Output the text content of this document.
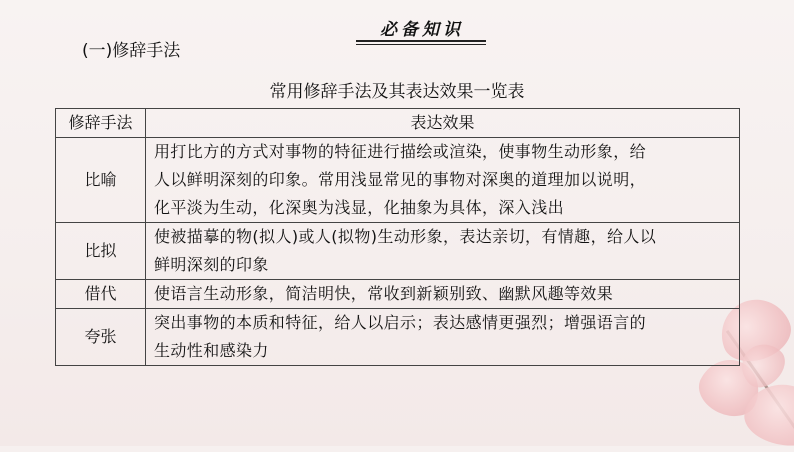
必备知识
(一)修辞手法
常用修辞手法及其表达效果一览表
修辞手法	表达效果
比喻	用打比方的方式对事物的特征进行描绘或渲染，使事物生动形象，给
人以鲜明深刻的印象。常用浅显常见的事物对深奥的道理加以说明，
化平淡为生动，化深奥为浅显，化抽象为具体，深入浅出

比拟	使被描摹的物(拟人)或人(拟物)生动形象，表达亲切，有情趣，给人以
鲜明深刻的印象

借代	使语言生动形象，简洁明快，常收到新颖别致、幽默风趣等效果

夸张	突出事物的本质和特征，给人以启示；表达感情更强烈；增强语言的
生动性和感染力
